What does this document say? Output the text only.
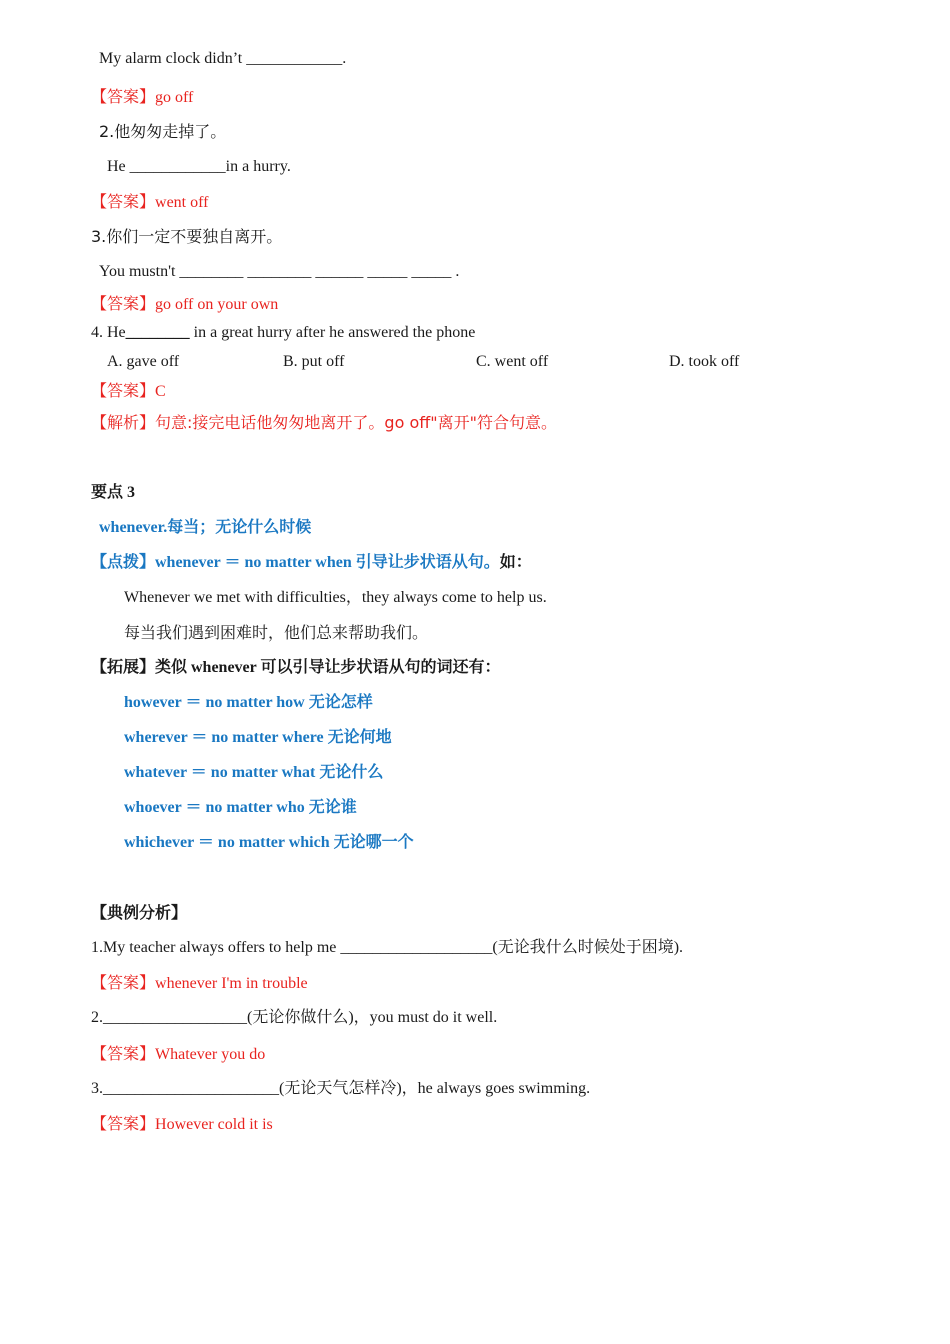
My alarm clock didn’t ____________.
【答案】go off
2.他匆匆走掉了。
He ____________in a hurry.
【答案】went off
3.你们一定不要独自离开。
You mustn't ________ ________ ______ _____ _____ .
【答案】go off on your own
4. He________ in a great hurry after he answered the phone
A. gave off	B. put off	C. went off	D. took off
【答案】C
【解析】句意:接完电话他匆匆地离开了。go off"离开"符合句意。
要点 3
whenever.每当；无论什么时候
【点拨】whenever ＝ no matter when 引导让步状语从句。如：
Whenever we met with difficulties，they always come to help us.
每当我们遇到困难时，他们总来帮助我们。
【拓展】类似 whenever 可以引导让步状语从句的词还有：
however ＝ no matter how 无论怎样
wherever ＝ no matter where 无论何地
whatever ＝ no matter what 无论什么
whoever ＝ no matter who 无论谁
whichever ＝ no matter which 无论哪一个
【典例分析】
1.My teacher always offers to help me ___________________(无论我什么时候处于困境).
【答案】whenever I'm in trouble
2.__________________(无论你做什么)，you must do it well.
【答案】Whatever you do
3.______________________(无论天气怎样冷)，he always goes swimming.
【答案】However cold it is
